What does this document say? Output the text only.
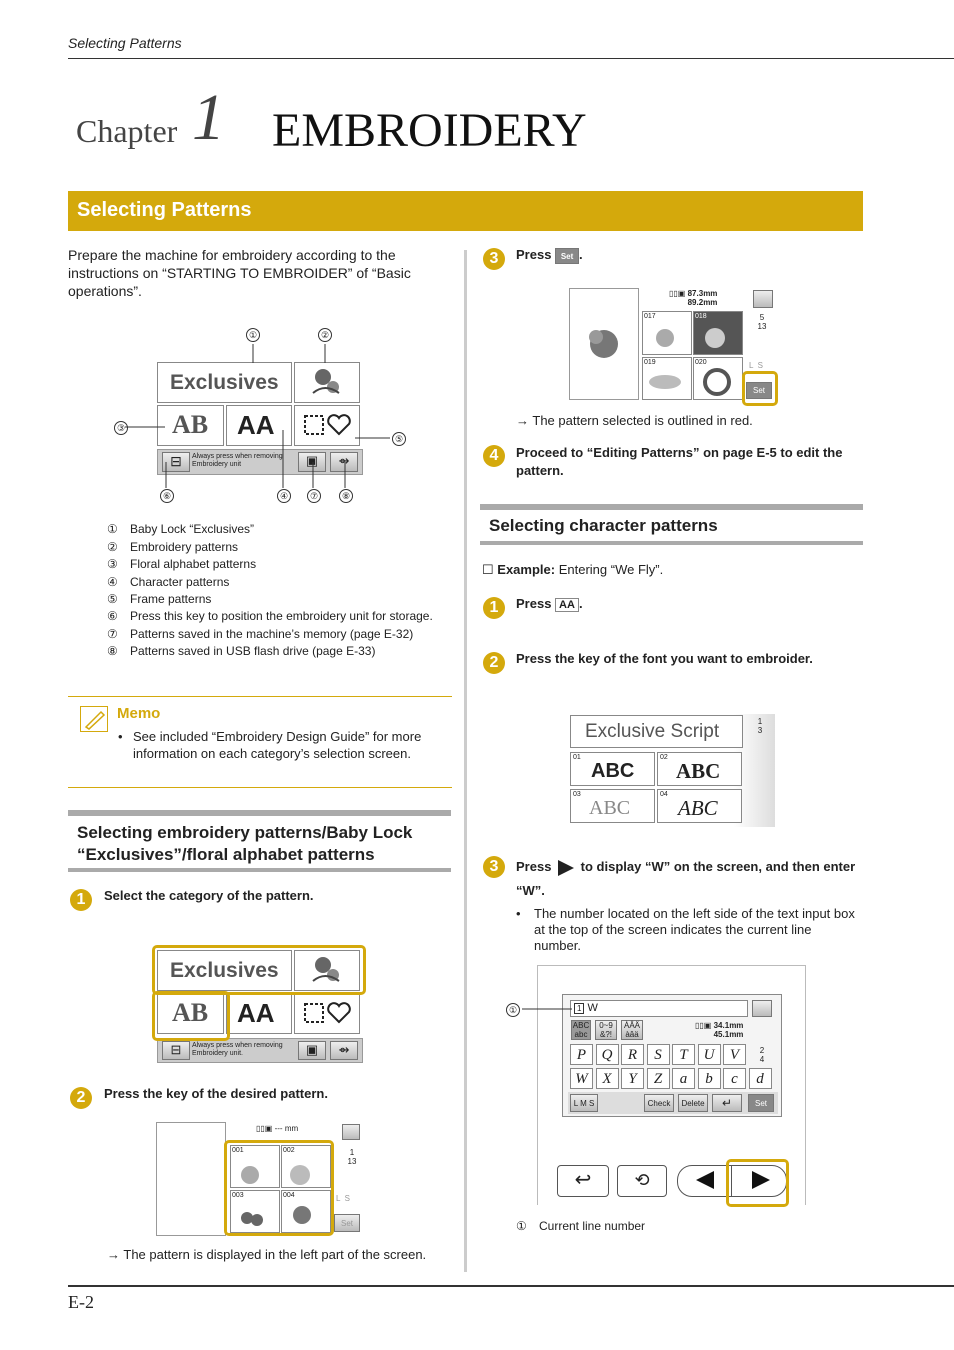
Selecting Patterns
Chapter 1 EMBROIDERY
Selecting Patterns
Prepare the machine for embroidery according to the instructions on “STARTING TO EMBROIDER” of “Basic operations”.
Exclusives
AB	AA
⊟	Always press when removing Embroidery unit	▣	⇴
①	②
③
⑤
⑥	④	⑦	⑧
① Baby Lock “Exclusives”
② Embroidery patterns
③ Floral alphabet patterns
④ Character patterns
⑤ Frame patterns
⑥	Press this key to position the embroidery unit for storage.
⑦ Patterns saved in the machine’s memory (page E-32)
⑧ Patterns saved in USB flash drive (page E-33)
Memo
• See included “Embroidery Design Guide” for more information on each category’s selection screen.
Selecting embroidery patterns/Baby Lock “Exclusives”/floral alphabet patterns
1	Select the category of the pattern.
Exclusives
AB	AA
⊟	Always press when removing Embroidery unit.	▣	⇴
2	Press the key of the desired pattern.
▯▯▣ --- mm
1
13
001	002
003	004	L S
Set
→ The pattern is displayed in the left part of the screen.
3	Press Set .
▯▯▣ 87.3mm
89.2mm
5
13
017	018
019	020	L S
Set
→ The pattern selected is outlined in red.
4	Proceed to “Editing Patterns” on page E-5 to edit the pattern.
Selecting character patterns
☐ Example: Entering “We Fly”.
1	Press AA .
2	Press the key of the font you want to embroider.
Exclusive Script	1
3
01
ABC
02
ABC
03
ABC
04
ABC
3	Press to display “W” on the screen, and then enter “W”.
•	The number located on the left side of the text input box at the top of the screen indicates the current line number.
1 W
ABC
abc
0~9
&?!
ÀÂÄ
àâä
▯▯▣ 34.1mm
45.1mm
P	Q	R	S	T	U	V
W X	Y	Z	a	b	c	d
2
4
L M S	Check	Delete	↵	Set
①
↩	⟲
① Current line number
E-2
